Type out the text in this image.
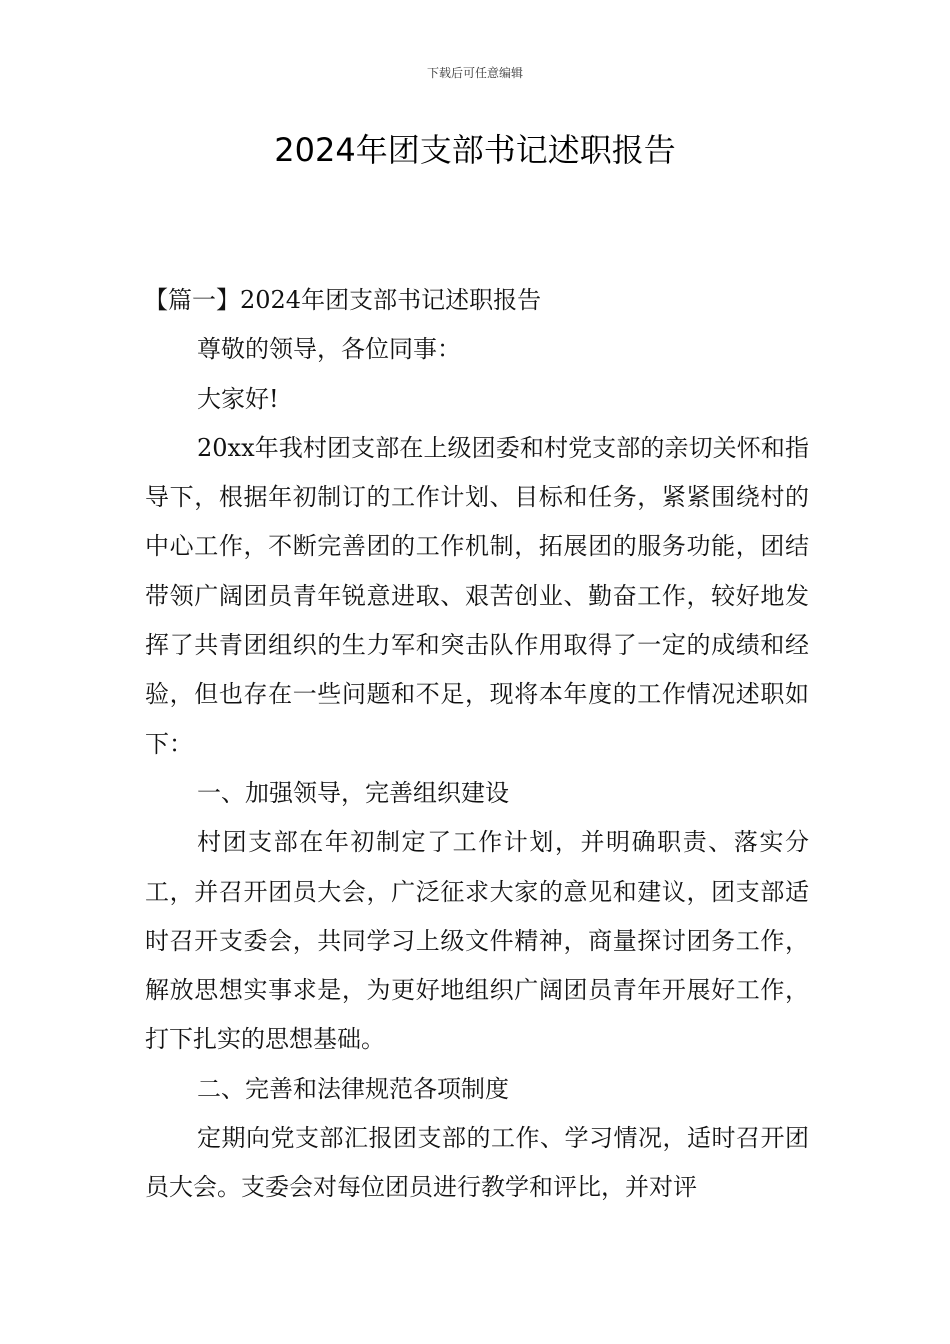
下载后可任意编辑
2024年团支部书记述职报告

【篇一】2024年团支部书记述职报告

尊敬的领导，各位同事：

大家好!

20xx年我村团支部在上级团委和村党支部的亲切关怀和指导下，根据年初制订的工作计划、目标和任务，紧紧围绕村的中心工作，不断完善团的工作机制，拓展团的服务功能，团结带领广阔团员青年锐意进取、艰苦创业、勤奋工作，较好地发挥了共青团组织的生力军和突击队作用取得了一定的成绩和经验，但也存在一些问题和不足，现将本年度的工作情况述职如下：

一、加强领导，完善组织建设

村团支部在年初制定了工作计划，并明确职责、落实分工，并召开团员大会，广泛征求大家的意见和建议，团支部适时召开支委会，共同学习上级文件精神，商量探讨团务工作，解放思想实事求是，为更好地组织广阔团员青年开展好工作，打下扎实的思想基础。

二、完善和法律规范各项制度

定期向党支部汇报团支部的工作、学习情况，适时召开团员大会。支委会对每位团员进行教学和评比，并对评
